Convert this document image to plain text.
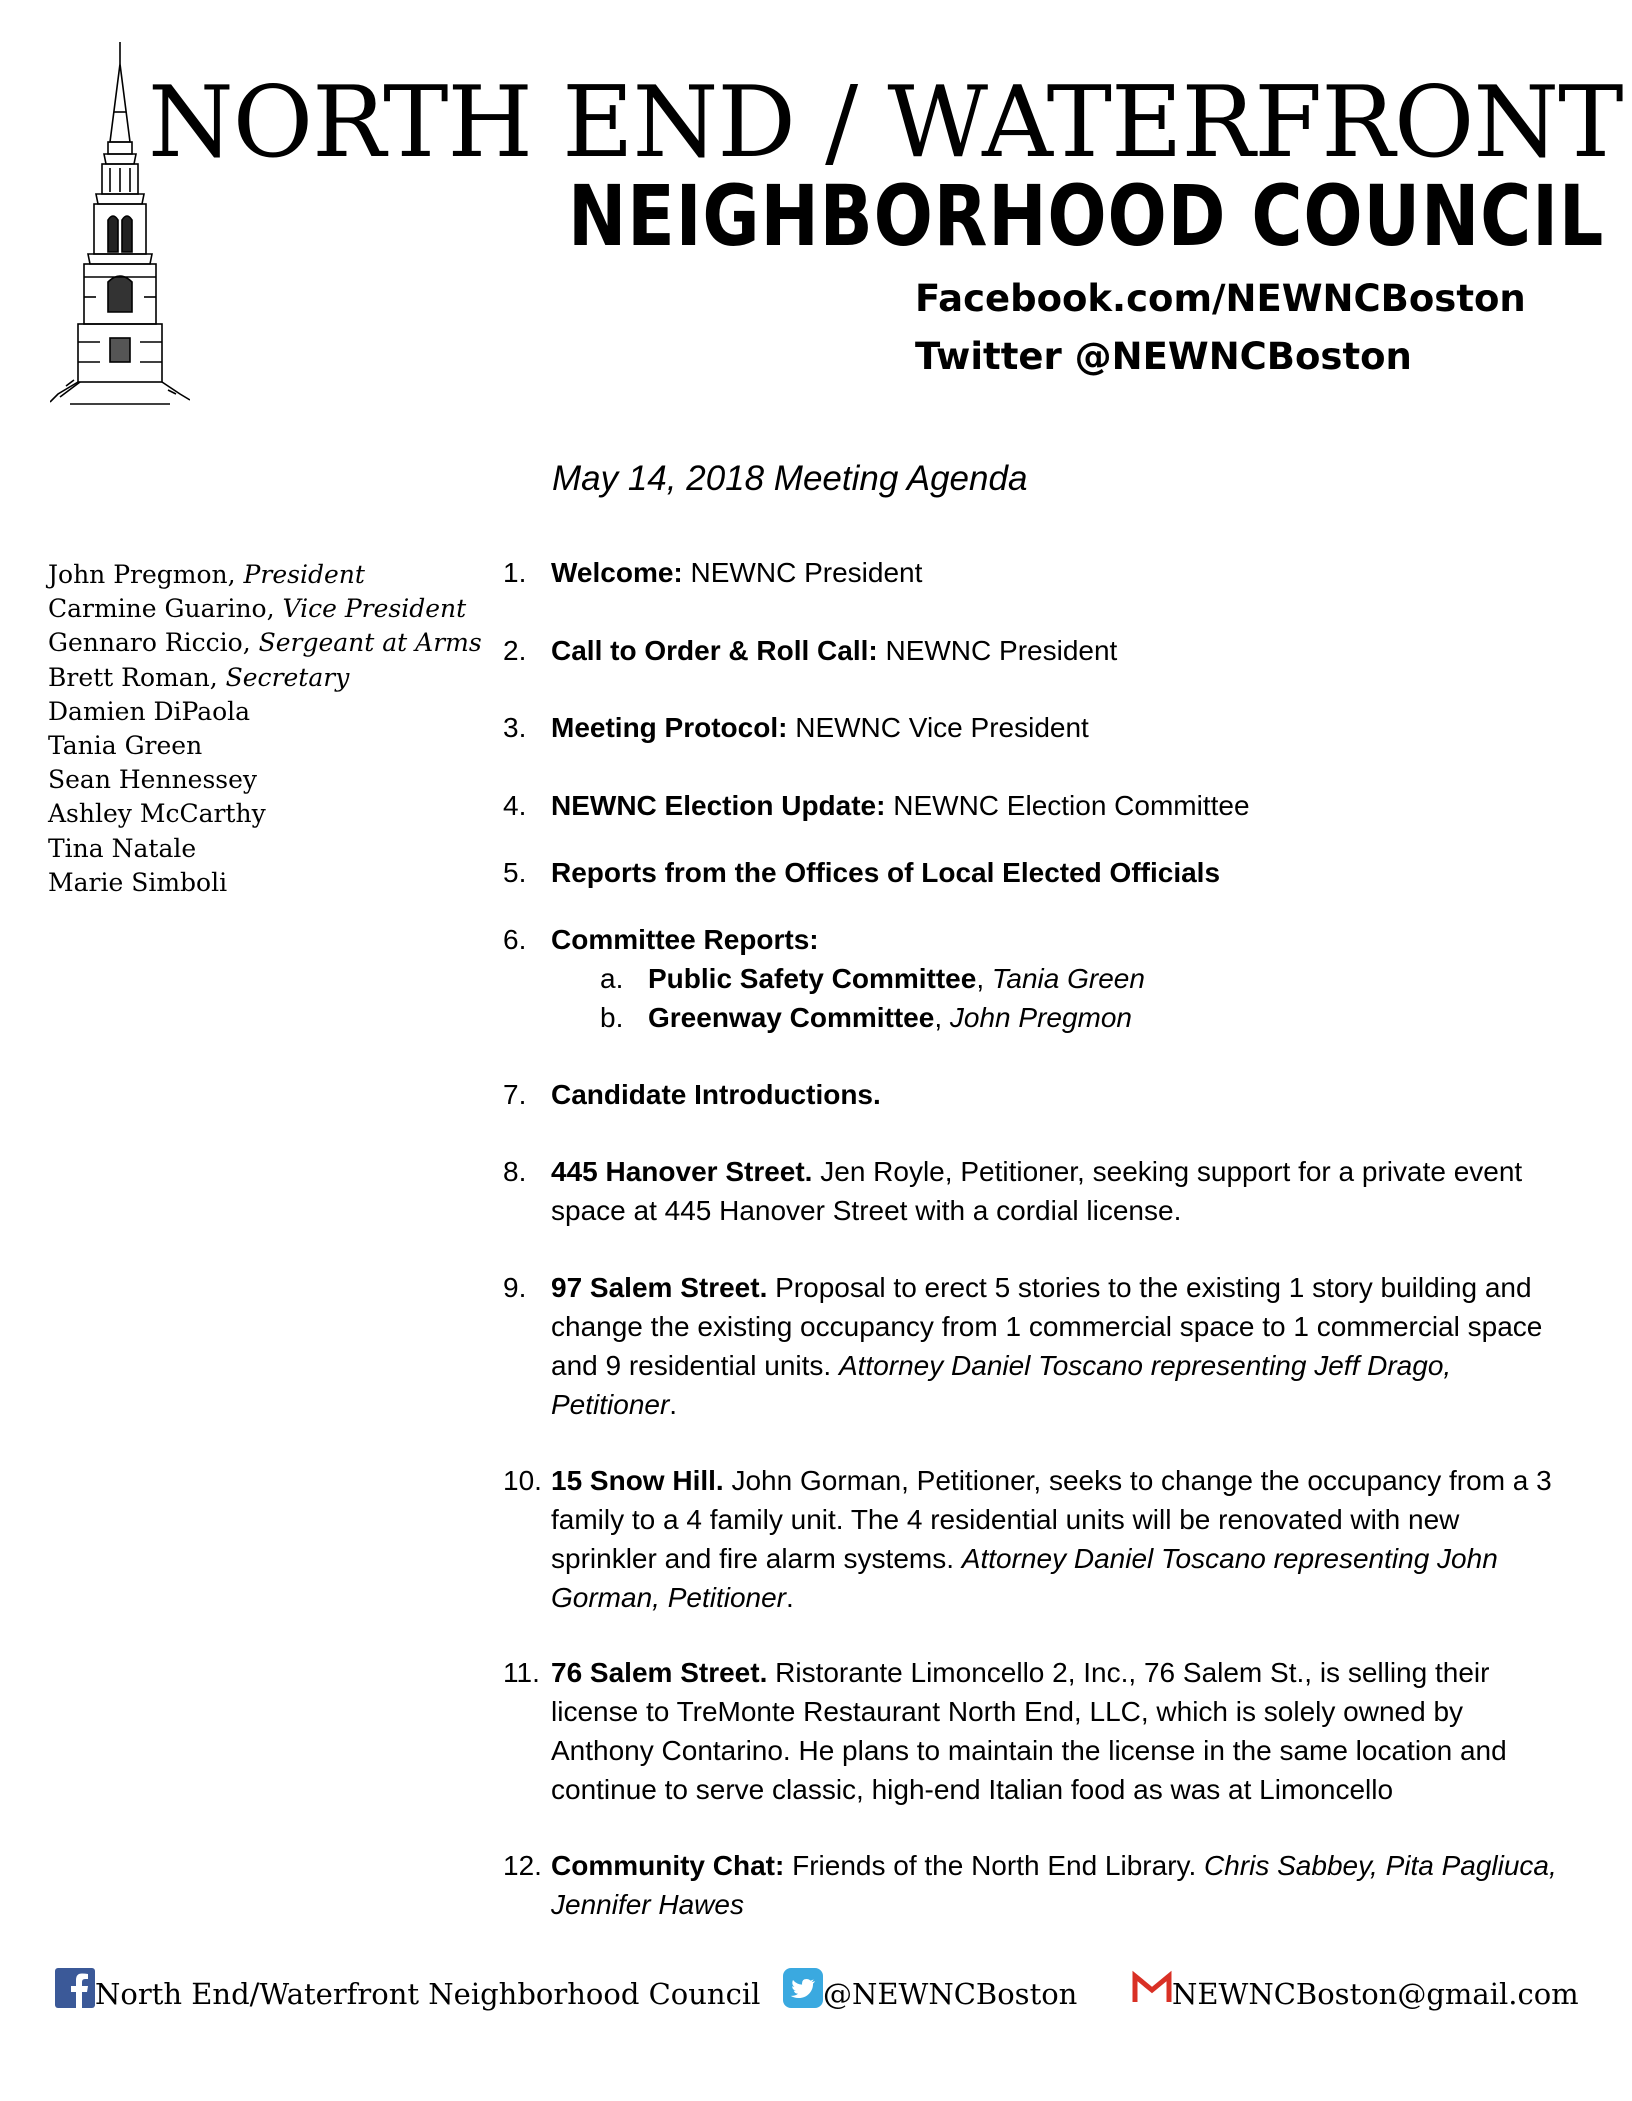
NORTH END / WATERFRONT
NEIGHBORHOOD COUNCIL
Facebook.com/NEWNCBoston
Twitter @NEWNCBoston
May 14, 2018 Meeting Agenda
John Pregmon, President
Carmine Guarino, Vice President
Gennaro Riccio, Sergeant at Arms
Brett Roman, Secretary
Damien DiPaola
Tania Green
Sean Hennessey
Ashley McCarthy
Tina Natale
Marie Simboli
1. Welcome: NEWNC President
2. Call to Order & Roll Call: NEWNC President
3. Meeting Protocol: NEWNC Vice President
4. NEWNC Election Update: NEWNC Election Committee
5. Reports from the Offices of Local Elected Officials
6. Committee Reports:
a. Public Safety Committee, Tania Green
b. Greenway Committee, John Pregmon
7. Candidate Introductions.
8. 445 Hanover Street. Jen Royle, Petitioner, seeking support for a private event space at 445 Hanover Street with a cordial license.
9. 97 Salem Street. Proposal to erect 5 stories to the existing 1 story building and change the existing occupancy from 1 commercial space to 1 commercial space and 9 residential units. Attorney Daniel Toscano representing Jeff Drago, Petitioner.
10. 15 Snow Hill. John Gorman, Petitioner, seeks to change the occupancy from a 3 family to a 4 family unit. The 4 residential units will be renovated with new sprinkler and fire alarm systems. Attorney Daniel Toscano representing John Gorman, Petitioner.
11. 76 Salem Street. Ristorante Limoncello 2, Inc., 76 Salem St., is selling their license to TreMonte Restaurant North End, LLC, which is solely owned by Anthony Contarino. He plans to maintain the license in the same location and continue to serve classic, high-end Italian food as was at Limoncello
12. Community Chat: Friends of the North End Library. Chris Sabbey, Pita Pagliuca, Jennifer Hawes
North End/Waterfront Neighborhood Council	@NEWNCBoston	NEWNCBoston@gmail.com
